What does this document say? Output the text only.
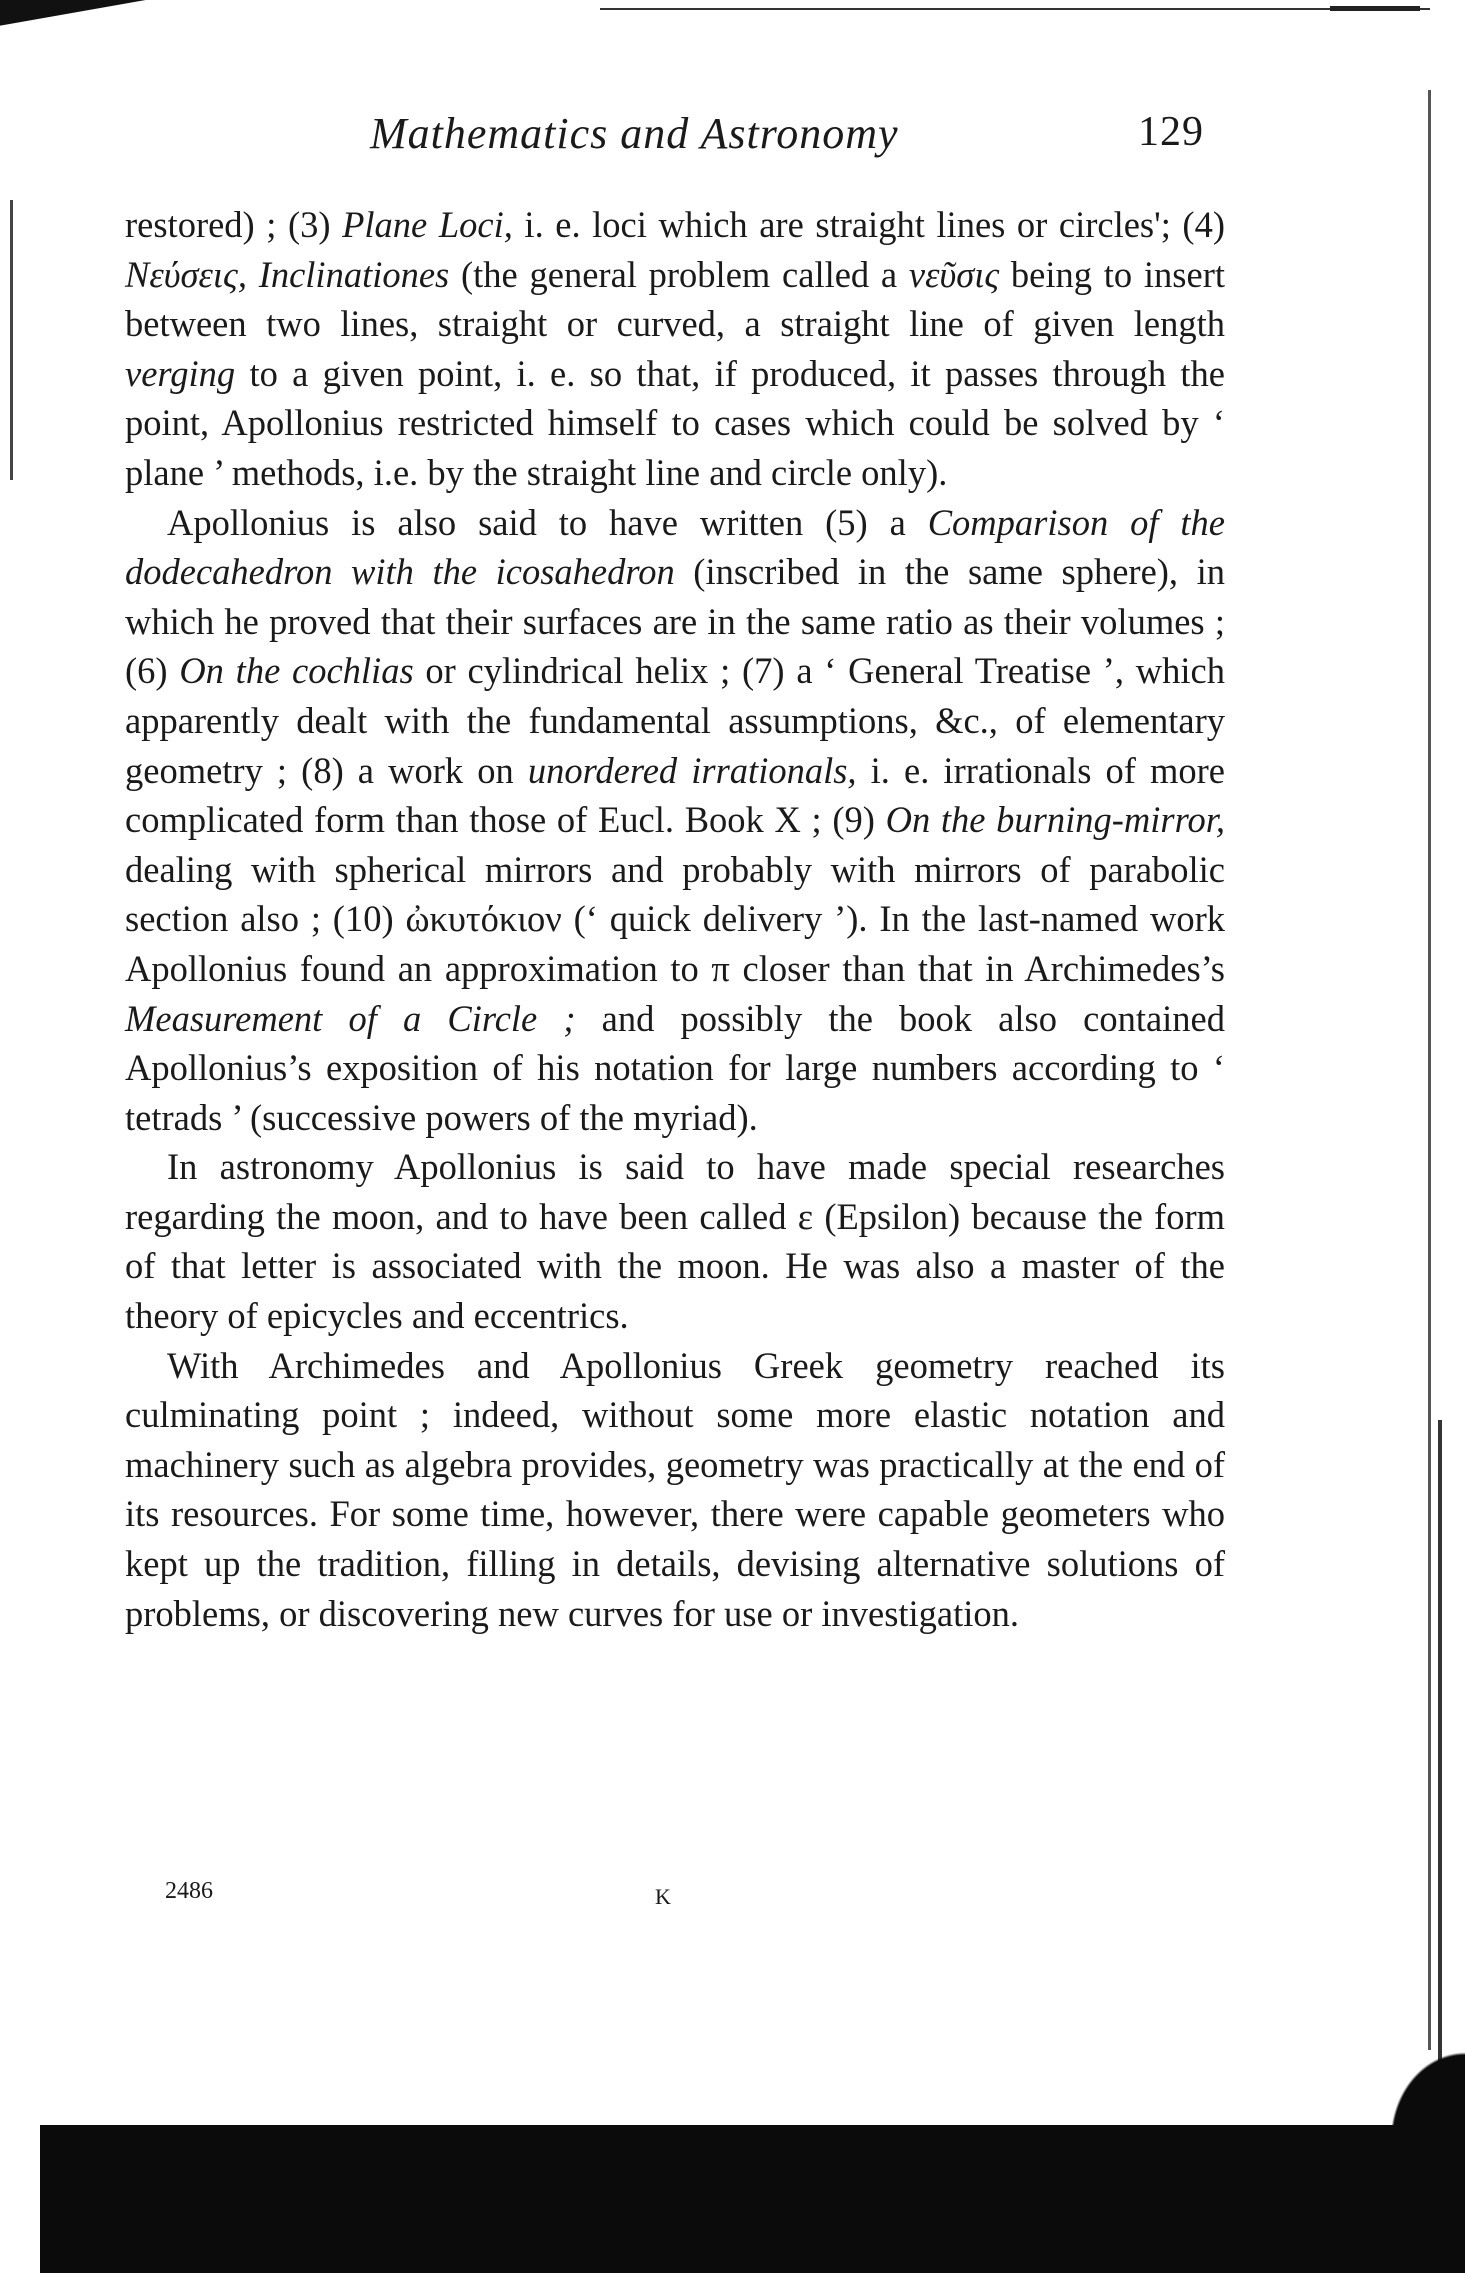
Mathematics and Astronomy	129

restored) ; (3) Plane Loci, i. e. loci which are straight lines or circles'; (4) Νεύσεις, Inclinationes (the general problem called a νεῦσις being to insert between two lines, straight or curved, a straight line of given length verging to a given point, i. e. so that, if produced, it passes through the point, Apollonius restricted himself to cases which could be solved by ‘ plane ’ methods, i.e. by the straight line and circle only).

Apollonius is also said to have written (5) a Comparison of the dodecahedron with the icosahedron (inscribed in the same sphere), in which he proved that their surfaces are in the same ratio as their volumes ; (6) On the cochlias or cylindrical helix ; (7) a ‘ General Treatise ’, which apparently dealt with the fundamental assumptions, &c., of elementary geometry ; (8) a work on unordered irrationals, i. e. irrationals of more complicated form than those of Eucl. Book X ; (9) On the burning-mirror, dealing with spherical mirrors and probably with mirrors of parabolic section also ; (10) ὠκυτόκιον (‘ quick delivery ’). In the last-named work Apollonius found an approximation to π closer than that in Archimedes’s Measurement of a Circle ; and possibly the book also contained Apollonius’s exposition of his notation for large numbers according to ‘ tetrads ’ (successive powers of the myriad).

In astronomy Apollonius is said to have made special researches regarding the moon, and to have been called ε (Epsilon) because the form of that letter is associated with the moon. He was also a master of the theory of epicycles and eccentrics.

With Archimedes and Apollonius Greek geometry reached its culminating point ; indeed, without some more elastic notation and machinery such as algebra provides, geometry was practically at the end of its resources. For some time, however, there were capable geometers who kept up the tradition, filling in details, devising alternative solutions of problems, or discovering new curves for use or investigation.

2486	K
